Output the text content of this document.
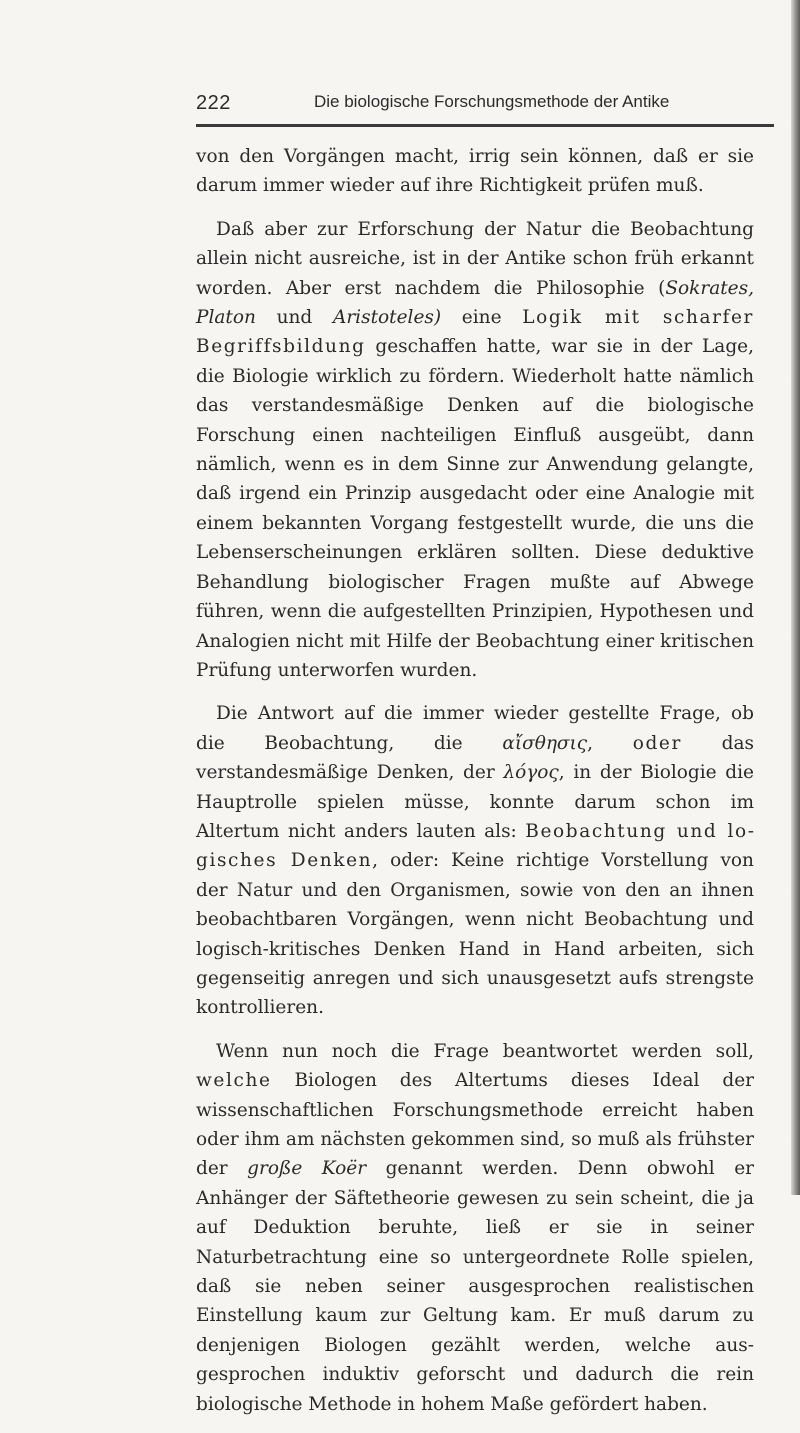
222	Die biologische Forschungsmethode der Antike

von den Vorgängen macht, irrig sein können, daß er sie darum immer wieder auf ihre Richtigkeit prüfen muß.

Daß aber zur Erforschung der Natur die Beobachtung allein nicht ausreiche, ist in der Antike schon früh erkannt worden. Aber erst nachdem die Philosophie (Sokrates, Platon und Aristoteles) eine Logik mit scharfer Begriffsbildung geschaffen hatte, war sie in der Lage, die Biologie wirklich zu fördern. Wiederholt hatte nämlich das verstandesmäßige Denken auf die biologische Forschung einen nachteiligen Einfluß ausgeübt, dann nämlich, wenn es in dem Sinne zur Anwendung gelangte, daß irgend ein Prinzip ausgedacht oder eine Analogie mit einem bekannten Vorgang festgestellt wurde, die uns die Lebenserscheinungen erklären sollten. Diese deduktive Behandlung biologischer Fragen mußte auf Abwege führen, wenn die aufgestellten Prinzipien, Hypothesen und Analogien nicht mit Hilfe der Beobachtung einer kritischen Prüfung unterworfen wurden.

Die Antwort auf die immer wieder gestellte Frage, ob die Beobachtung, die αἴσθησις, oder das verstandesmäßige Denken, der λόγος, in der Biologie die Hauptrolle spielen müsse, konnte darum schon im Altertum nicht anders lauten als: Beobachtung und logisches Denken, oder: Keine richtige Vorstellung von der Natur und den Organismen, sowie von den an ihnen beobachtbaren Vorgängen, wenn nicht Beobachtung und logisch-kritisches Denken Hand in Hand arbeiten, sich gegenseitig anregen und sich unausgesetzt aufs strengste kontrollieren.

Wenn nun noch die Frage beantwortet werden soll, welche Biologen des Altertums dieses Ideal der wissenschaftlichen Forschungsmethode erreicht haben oder ihm am nächsten gekommen sind, so muß als frühster der große Koër genannt werden. Denn obwohl er Anhänger der Säftetheorie gewesen zu sein scheint, die ja auf Deduktion beruhte, ließ er sie in seiner Naturbetrachtung eine so untergeordnete Rolle spielen, daß sie neben seiner ausgesprochen realistischen Einstellung kaum zur Geltung kam. Er muß darum zu denjenigen Biologen gezählt werden, welche ausgesprochen induktiv geforscht und dadurch die rein biologische Methode in hohem Maße gefördert haben.
